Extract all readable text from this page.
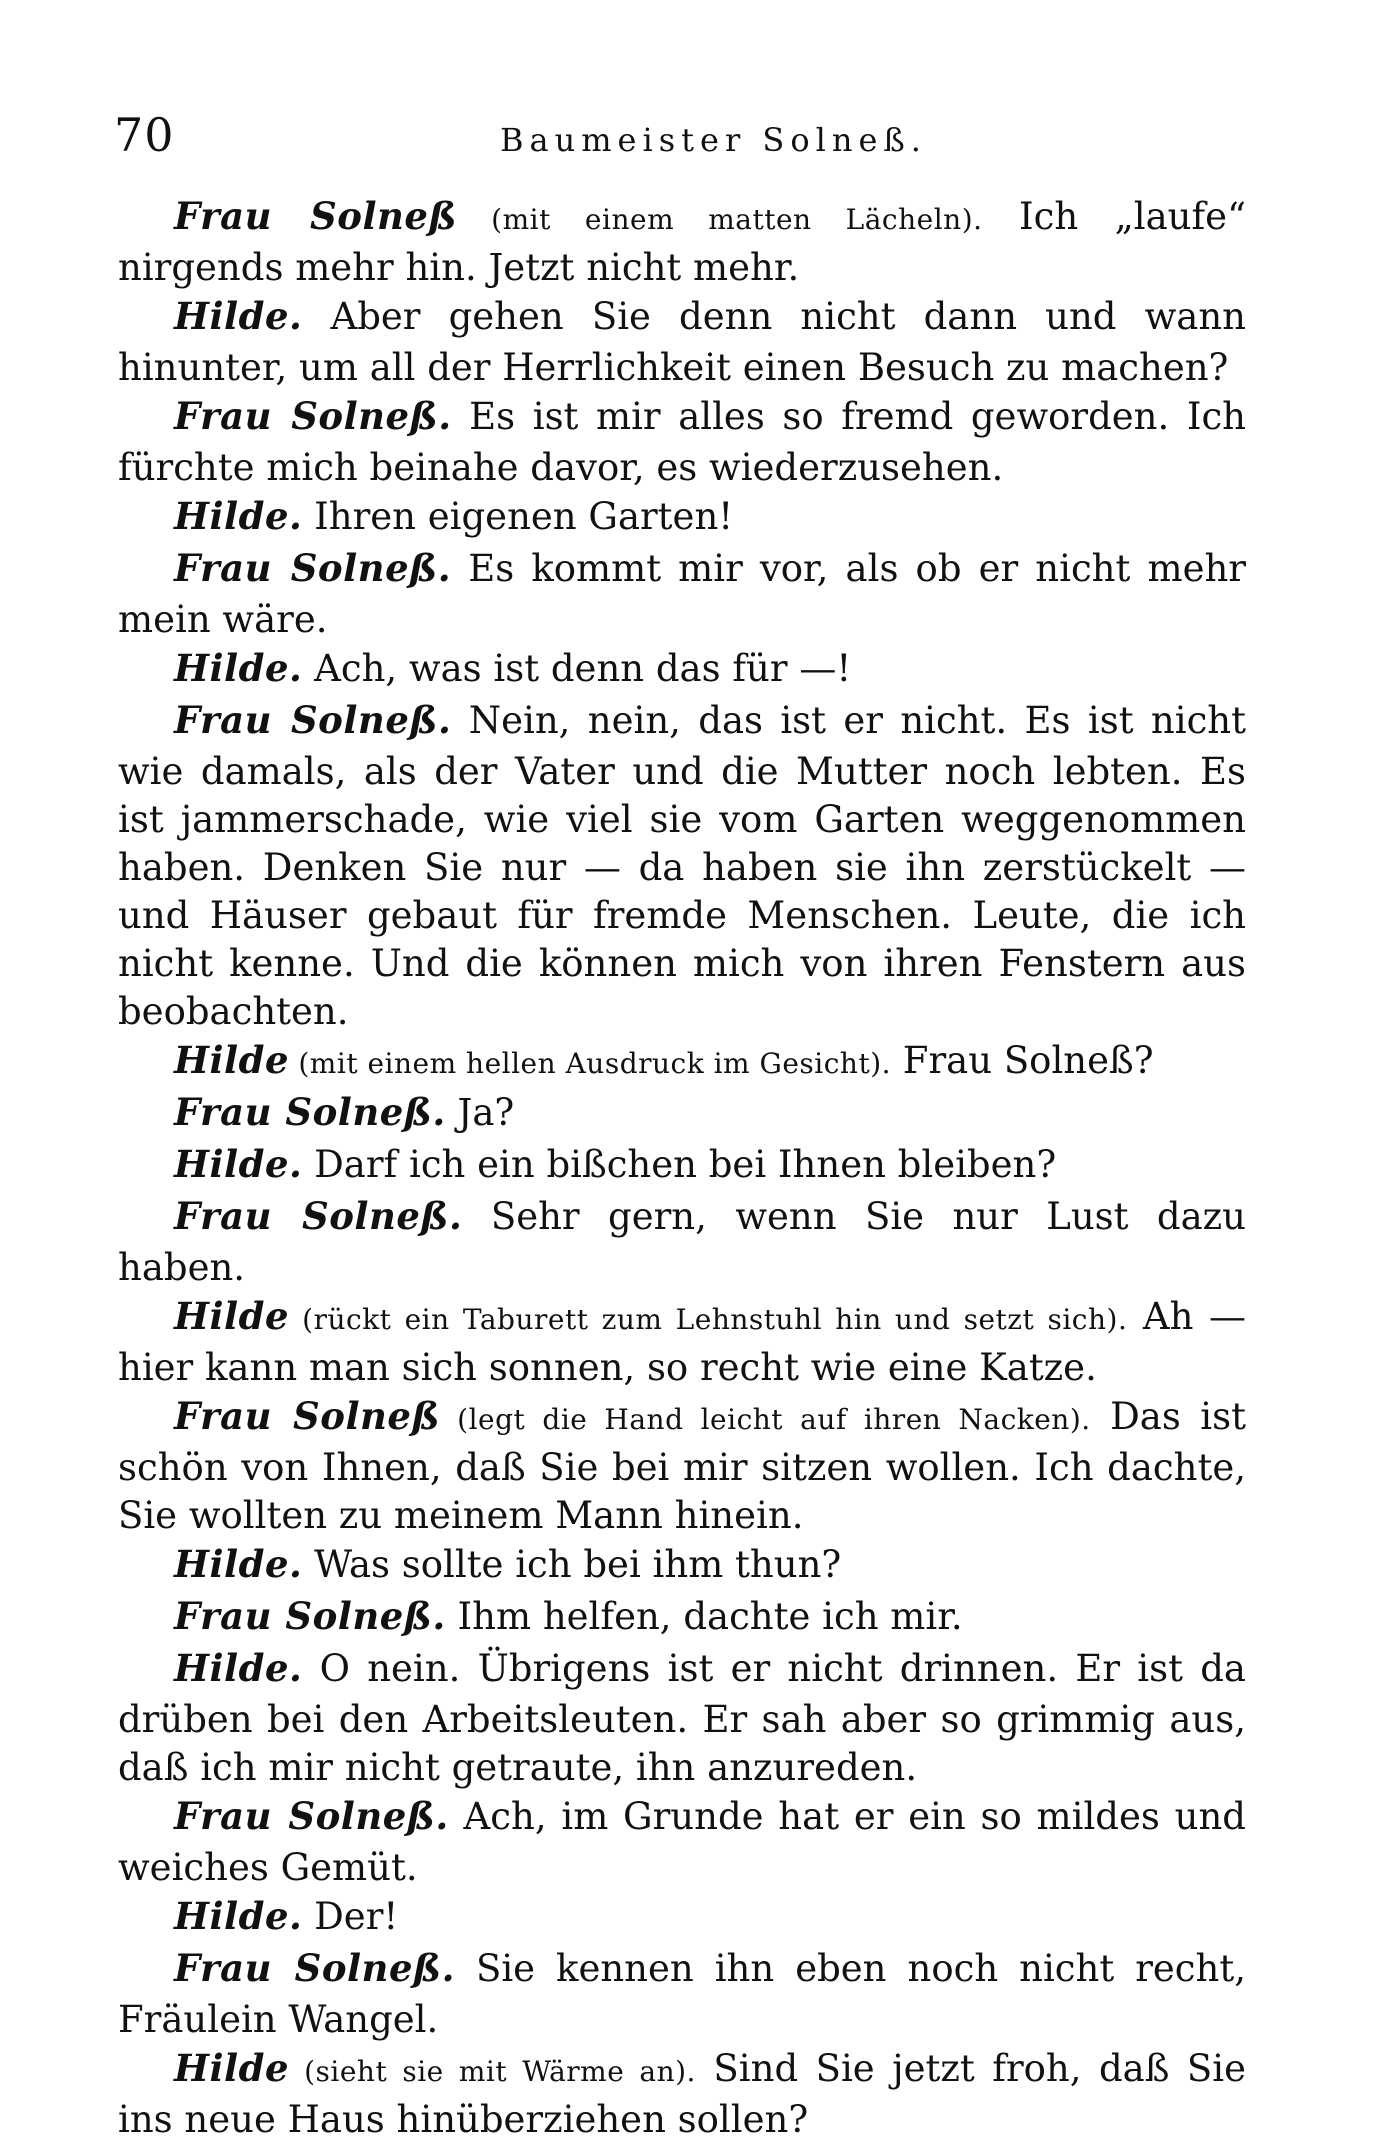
70	Baumeister Solneß.

Frau Solneß (mit einem matten Lächeln). Ich „laufe“ nirgends mehr hin. Jetzt nicht mehr.

Hilde. Aber gehen Sie denn nicht dann und wann hinunter, um all der Herrlichkeit einen Besuch zu machen?

Frau Solneß. Es ist mir alles so fremd geworden. Ich fürchte mich beinahe davor, es wiederzusehen.

Hilde. Ihren eigenen Garten!

Frau Solneß. Es kommt mir vor, als ob er nicht mehr mein wäre.

Hilde. Ach, was ist denn das für —!

Frau Solneß. Nein, nein, das ist er nicht. Es ist nicht wie damals, als der Vater und die Mutter noch lebten. Es ist jammerschade, wie viel sie vom Garten weggenommen haben. Denken Sie nur — da haben sie ihn zerstückelt — und Häuser gebaut für fremde Menschen. Leute, die ich nicht kenne. Und die können mich von ihren Fenstern aus beobachten.

Hilde (mit einem hellen Ausdruck im Gesicht). Frau Solneß?

Frau Solneß. Ja?

Hilde. Darf ich ein bißchen bei Ihnen bleiben?

Frau Solneß. Sehr gern, wenn Sie nur Lust dazu haben.

Hilde (rückt ein Taburett zum Lehnstuhl hin und setzt sich). Ah — hier kann man sich sonnen, so recht wie eine Katze.

Frau Solneß (legt die Hand leicht auf ihren Nacken). Das ist schön von Ihnen, daß Sie bei mir sitzen wollen. Ich dachte, Sie wollten zu meinem Mann hinein.

Hilde. Was sollte ich bei ihm thun?

Frau Solneß. Ihm helfen, dachte ich mir.

Hilde. O nein. Übrigens ist er nicht drinnen. Er ist da drüben bei den Arbeitsleuten. Er sah aber so grimmig aus, daß ich mir nicht getraute, ihn anzureden.

Frau Solneß. Ach, im Grunde hat er ein so mildes und weiches Gemüt.

Hilde. Der!

Frau Solneß. Sie kennen ihn eben noch nicht recht, Fräulein Wangel.

Hilde (sieht sie mit Wärme an). Sind Sie jetzt froh, daß Sie ins neue Haus hinüberziehen sollen?
